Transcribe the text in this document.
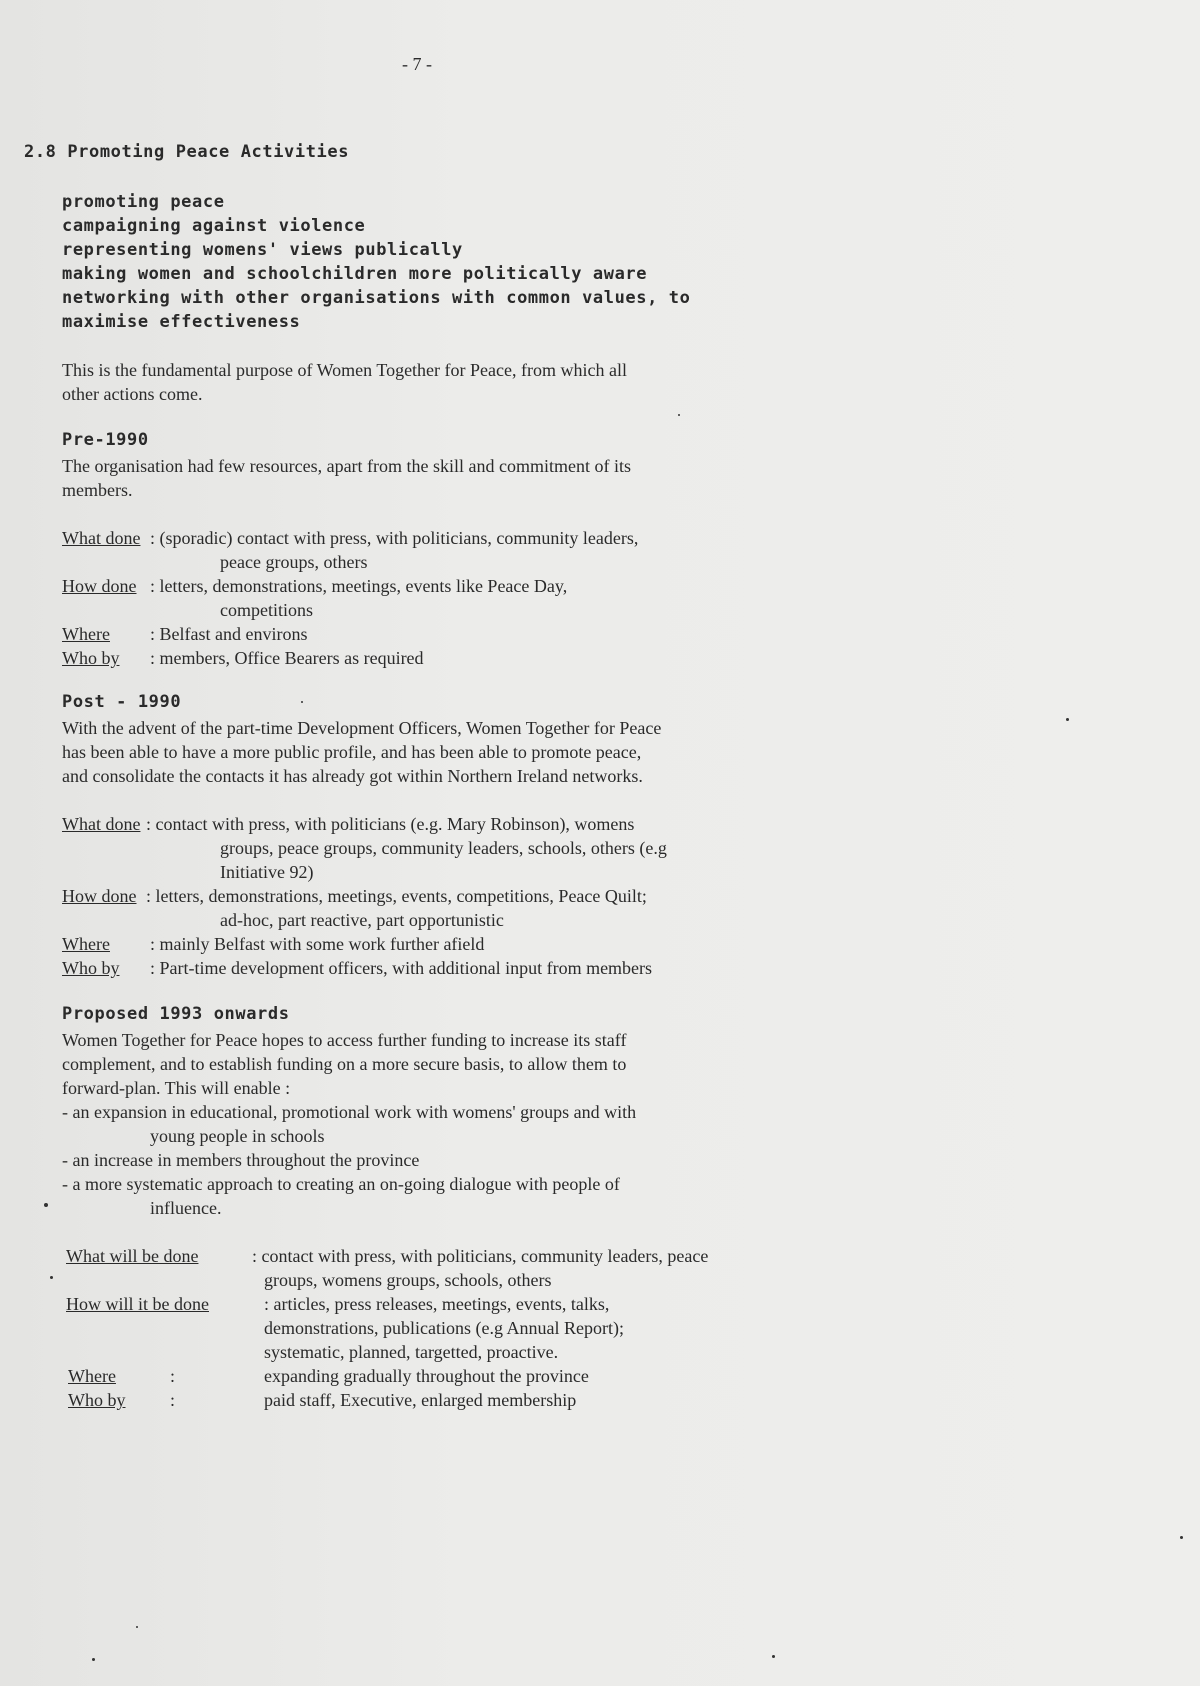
- 7 -
2.8 Promoting Peace Activities
promoting peace
campaigning against violence
representing womens' views publically
making women and schoolchildren more politically aware
networking with other organisations with common values, to
maximise effectiveness
This is the fundamental purpose of Women Together for Peace, from which all
other actions come.
Pre-1990
The organisation had few resources, apart from the skill and commitment of its
members.
What done : (sporadic) contact with press, with politicians, community leaders,
peace groups, others
How done : letters, demonstrations, meetings, events like Peace Day,
competitions
Where : Belfast and environs
Who by : members, Office Bearers as required
Post - 1990
With the advent of the part-time Development Officers, Women Together for Peace
has been able to have a more public profile, and has been able to promote peace,
and consolidate the contacts it has already got within Northern Ireland networks.
What done : contact with press, with politicians (e.g. Mary Robinson), womens
groups, peace groups, community leaders, schools, others (e.g
Initiative 92)
How done : letters, demonstrations, meetings, events, competitions, Peace Quilt;
ad-hoc, part reactive, part opportunistic
Where : mainly Belfast with some work further afield
Who by : Part-time development officers, with additional input from members
Proposed 1993 onwards
Women Together for Peace hopes to access further funding to increase its staff
complement, and to establish funding on a more secure basis, to allow them to
forward-plan. This will enable :
- an expansion in educational, promotional work with womens' groups and with
young people in schools
- an increase in members throughout the province
- a more systematic approach to creating an on-going dialogue with people of
influence.
What will be done	: contact with press, with politicians, community leaders, peace
groups, womens groups, schools, others
How will it be done	: articles, press releases, meetings, events, talks,
demonstrations, publications (e.g Annual Report);
systematic, planned, targetted, proactive.
Where	:	expanding gradually throughout the province
Who by :	paid staff, Executive, enlarged membership
